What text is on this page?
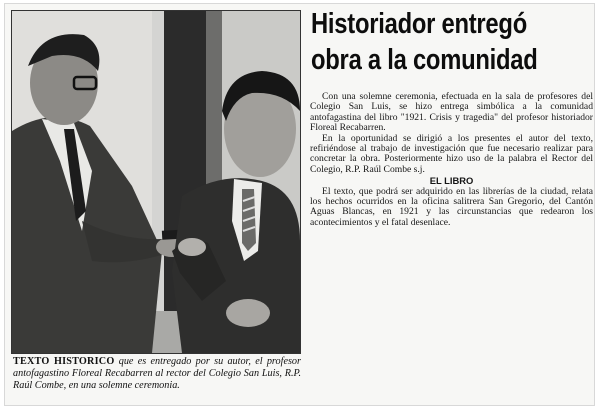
TEXTO HISTORICO que es entregado por su autor, el profesor antofagastino Floreal Recabarren al rector del Colegio San Luis, R.P. Raúl Combe, en una solemne ceremonia.
Historiador entregó
obra a la comunidad

Con una solemne ceremonia, efectuada en la sala de profesores del Colegio San Luis, se hizo entrega simbólica a la comunidad antofagastina del libro "1921. Crisis y tragedia" del profesor historiador Floreal Recabarren.

En la oportunidad se dirigió a los presentes el autor del texto, refiriéndose al trabajo de investigación que fue necesario realizar para concretar la obra. Posteriormente hizo uso de la palabra el Rector del Colegio, R.P. Raúl Combe s.j.

EL LIBRO

El texto, que podrá ser adquirido en las librerías de la ciudad, relata los hechos ocurridos en la oficina salitrera San Gregorio, del Cantón Aguas Blancas, en 1921 y las circunstancias que redearon los acontecimientos y el fatal desenlace.
